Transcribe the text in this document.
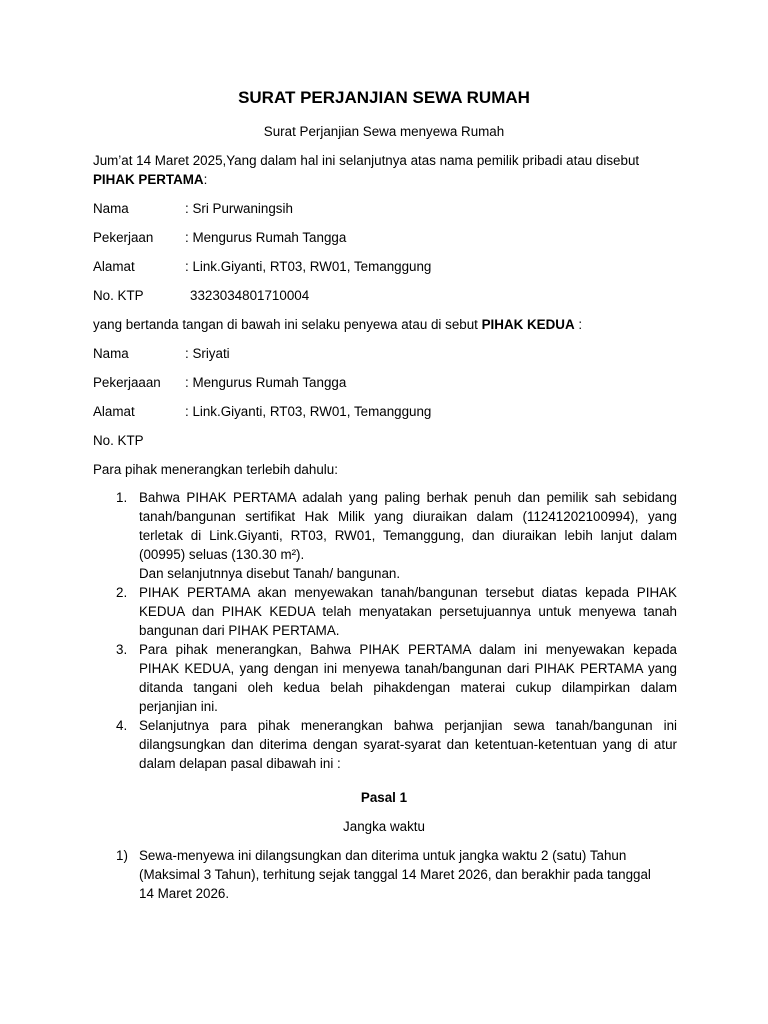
SURAT PERJANJIAN SEWA RUMAH
Surat Perjanjian Sewa menyewa Rumah
Jum’at 14 Maret 2025,Yang dalam hal ini selanjutnya atas nama pemilik pribadi atau disebut
PIHAK PERTAMA:
Nama	: Sri Purwaningsih
Pekerjaan : Mengurus Rumah Tangga
Alamat	: Link.Giyanti, RT03, RW01, Temanggung
No. KTP	3323034801710004
yang bertanda tangan di bawah ini selaku penyewa atau di sebut PIHAK KEDUA :
Nama	: Sriyati
Pekerjaaan : Mengurus Rumah Tangga
Alamat	: Link.Giyanti, RT03, RW01, Temanggung
No. KTP
Para pihak menerangkan terlebih dahulu:
1. Bahwa PIHAK PERTAMA adalah yang paling berhak penuh dan pemilik sah sebidang tanah/bangunan sertifikat Hak Milik yang diuraikan dalam (11241202100994), yang terletak di Link.Giyanti, RT03, RW01, Temanggung, dan diuraikan lebih lanjut dalam (00995) seluas (130.30 m²).
Dan selanjutnnya disebut Tanah/ bangunan.
2. PIHAK PERTAMA akan menyewakan tanah/bangunan tersebut diatas kepada PIHAK KEDUA dan PIHAK KEDUA telah menyatakan persetujuannya untuk menyewa tanah bangunan dari PIHAK PERTAMA.
3. Para pihak menerangkan, Bahwa PIHAK PERTAMA dalam ini menyewakan kepada PIHAK KEDUA, yang dengan ini menyewa tanah/bangunan dari PIHAK PERTAMA yang ditanda tangani oleh kedua belah pihakdengan materai cukup dilampirkan dalam perjanjian ini.
4. Selanjutnya para pihak menerangkan bahwa perjanjian sewa tanah/bangunan ini dilangsungkan dan diterima dengan syarat-syarat dan ketentuan-ketentuan yang di atur dalam delapan pasal dibawah ini :
Pasal 1
Jangka waktu
1) Sewa-menyewa ini dilangsungkan dan diterima untuk jangka waktu 2 (satu) Tahun (Maksimal 3 Tahun), terhitung sejak tanggal 14 Maret 2026, dan berakhir pada tanggal 14 Maret 2026.
